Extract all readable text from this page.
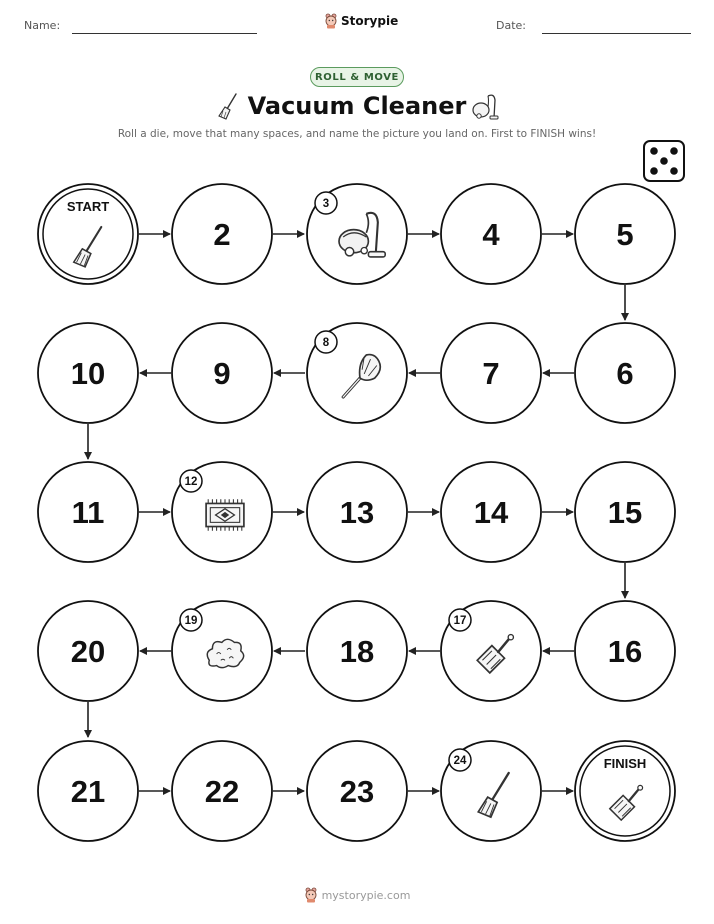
Name:	Storypie	Date:
ROLL & MOVE
Vacuum Cleaner
Roll a die, move that many spaces, and name the picture you land on. First to FINISH wins!
START
2
3
4	5
6
7
8
9
10
11
12
13	14	15
16
17
18
19
20
21	22	23
24	FINISH
mystorypie.com
